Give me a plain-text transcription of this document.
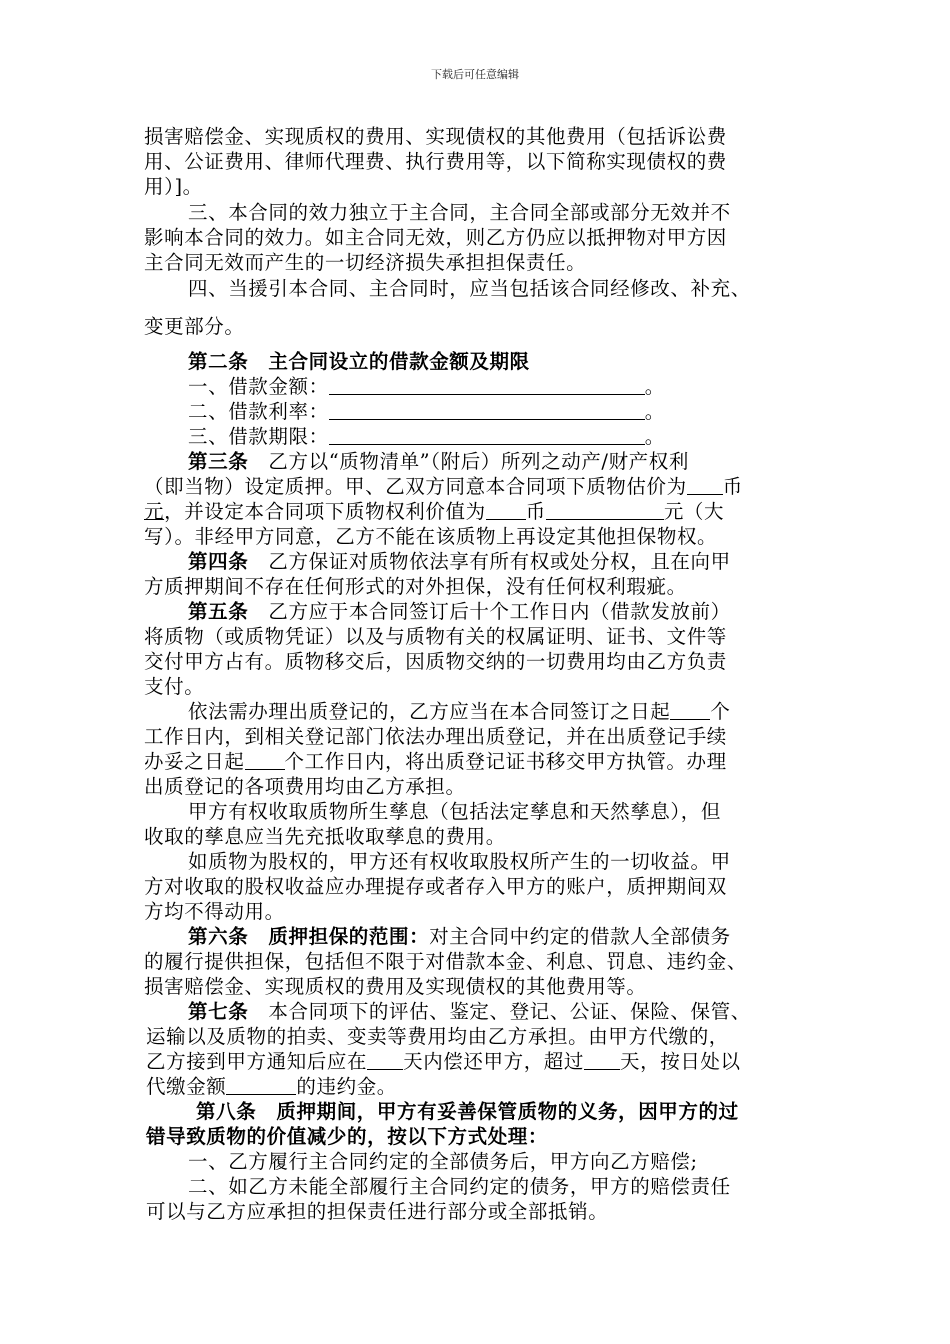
下载后可任意编辑
损害赔偿金、实现质权的费用、实现债权的其他费用（包括诉讼费
用、公证费用、律师代理费、执行费用等，以下简称实现债权的费
用）]。
三、本合同的效力独立于主合同，主合同全部或部分无效并不
影响本合同的效力。如主合同无效，则乙方仍应以抵押物对甲方因
主合同无效而产生的一切经济损失承担担保责任。
四、当援引本合同、主合同时，应当包括该合同经修改、补充、
变更部分。
第二条　主合同设立的借款金额及期限
一、借款金额：	。
二、借款利率：	。
三、借款期限：	。
第三条　乙方以“质物清单”（附后）所列之动产/财产权利
（即当物）设定质押。甲、乙双方同意本合同项下质物估价为 币
元，并设定本合同项下质物权利价值为 币	元（大
写）。非经甲方同意，乙方不能在该质物上再设定其他担保物权。
第四条　乙方保证对质物依法享有所有权或处分权，且在向甲
方质押期间不存在任何形式的对外担保，没有任何权利瑕疵。
第五条　乙方应于本合同签订后十个工作日内（借款发放前）
将质物（或质物凭证）以及与质物有关的权属证明、证书、文件等
交付甲方占有。质物移交后，因质物交纳的一切费用均由乙方负责
支付。
依法需办理出质登记的，乙方应当在本合同签订之日起 个
工作日内，到相关登记部门依法办理出质登记，并在出质登记手续
办妥之日起 个工作日内，将出质登记证书移交甲方执管。办理
出质登记的各项费用均由乙方承担。
甲方有权收取质物所生孳息（包括法定孳息和天然孳息），但
收取的孳息应当先充抵收取孳息的费用。
如质物为股权的，甲方还有权收取股权所产生的一切收益。甲
方对收取的股权收益应办理提存或者存入甲方的账户，质押期间双
方均不得动用。
第六条　质押担保的范围：对主合同中约定的借款人全部债务
的履行提供担保，包括但不限于对借款本金、利息、罚息、违约金、
损害赔偿金、实现质权的费用及实现债权的其他费用等。
第七条　本合同项下的评估、鉴定、登记、公证、保险、保管、
运输以及质物的拍卖、变卖等费用均由乙方承担。由甲方代缴的，
乙方接到甲方通知后应在 天内偿还甲方，超过 天，按日处以
代缴金额	的违约金。
第八条　质押期间，甲方有妥善保管质物的义务，因甲方的过
错导致质物的价值减少的，按以下方式处理：
一、乙方履行主合同约定的全部债务后，甲方向乙方赔偿;
二、如乙方未能全部履行主合同约定的债务，甲方的赔偿责任
可以与乙方应承担的担保责任进行部分或全部抵销。
